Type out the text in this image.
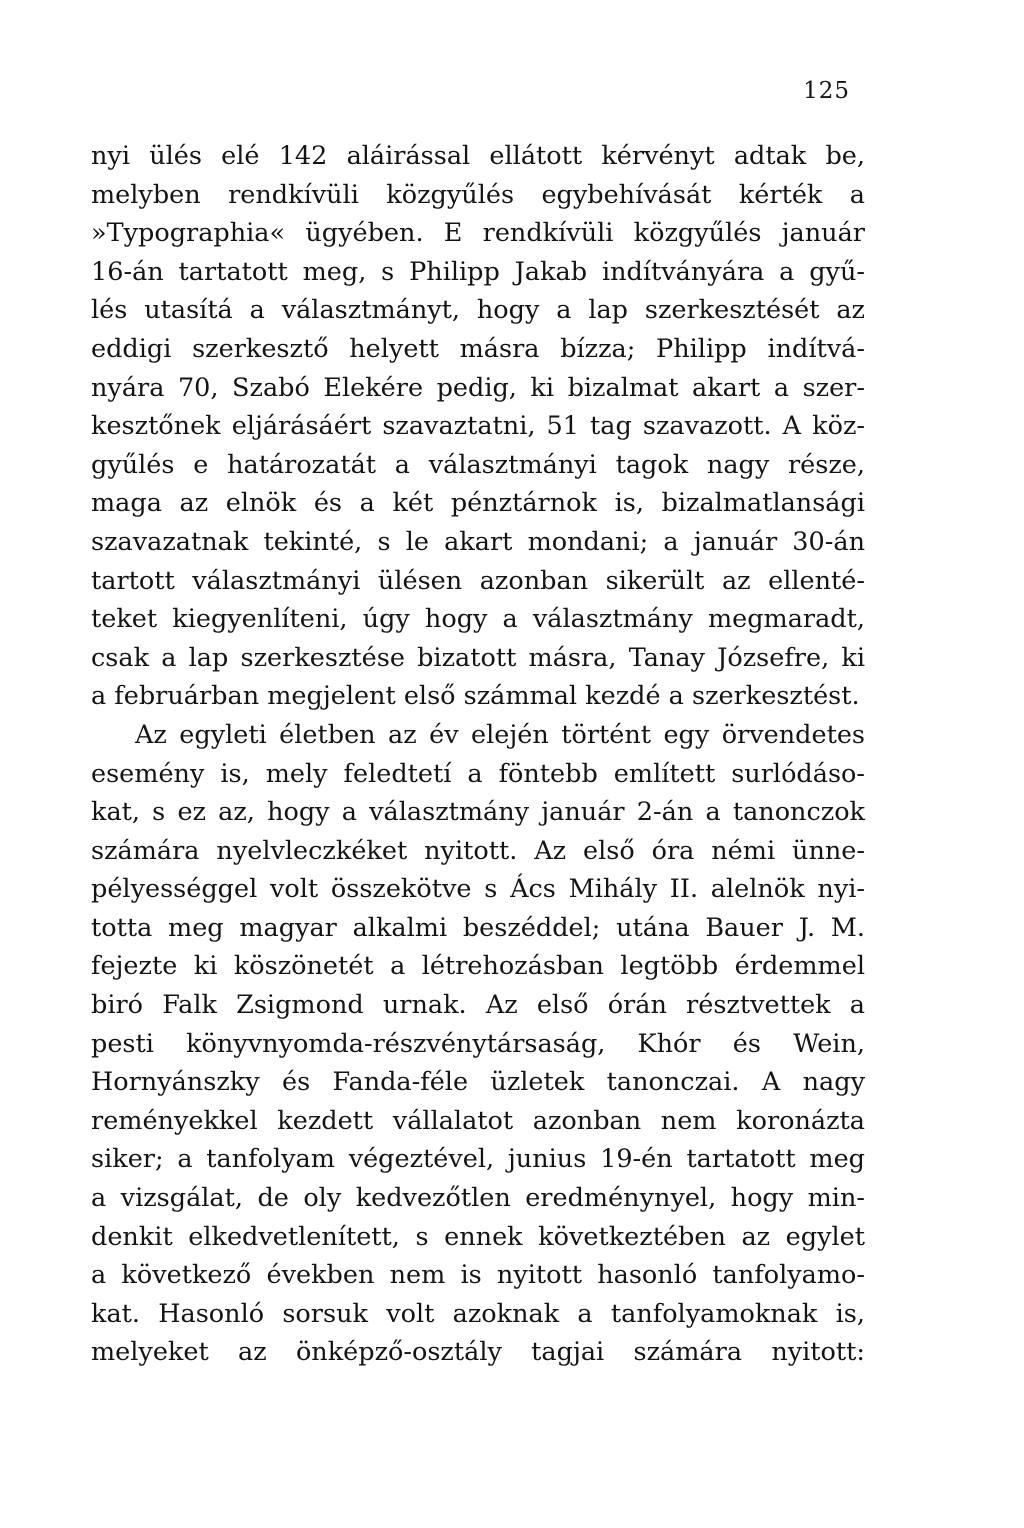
125
nyi ülés elé 142 aláirással ellátott kérvényt adtak be,
melyben rendkívüli közgyűlés egybehívását kérték a
»Typographia« ügyében. E rendkívüli közgyűlés január
16-án tartatott meg, s Philipp Jakab indítványára a gyű-
lés utasítá a választmányt, hogy a lap szerkesztését az
eddigi szerkesztő helyett másra bízza; Philipp indítvá-
nyára 70, Szabó Elekére pedig, ki bizalmat akart a szer-
kesztőnek eljárásáért szavaztatni, 51 tag szavazott. A köz-
gyűlés e határozatát a választmányi tagok nagy része,
maga az elnök és a két pénztárnok is, bizalmatlansági
szavazatnak tekinté, s le akart mondani; a január 30-án
tartott választmányi ülésen azonban sikerült az ellenté-
teket kiegyenlíteni, úgy hogy a választmány megmaradt,
csak a lap szerkesztése bizatott másra, Tanay Józsefre, ki
a februárban megjelent első számmal kezdé a szerkesztést.
Az egyleti életben az év elején történt egy örvendetes
esemény is, mely feledtetí a föntebb említett surlódáso-
kat, s ez az, hogy a választmány január 2-án a tanonczok
számára nyelvleczkéket nyitott. Az első óra némi ünne-
pélyességgel volt összekötve s Ács Mihály II. alelnök nyi-
totta meg magyar alkalmi beszéddel; utána Bauer J. M.
fejezte ki köszönetét a létrehozásban legtöbb érdemmel
biró Falk Zsigmond urnak. Az első órán résztvettek a
pesti könyvnyomda-részvénytársaság, Khór és Wein,
Hornyánszky és Fanda-féle üzletek tanonczai. A nagy
reményekkel kezdett vállalatot azonban nem koronázta
siker; a tanfolyam végeztével, junius 19-én tartatott meg
a vizsgálat, de oly kedvezőtlen eredménynyel, hogy min-
denkit elkedvetlenített, s ennek következtében az egylet
a következő években nem is nyitott hasonló tanfolyamo-
kat. Hasonló sorsuk volt azoknak a tanfolyamoknak is,
melyeket az önképző-osztály tagjai számára nyitott:
